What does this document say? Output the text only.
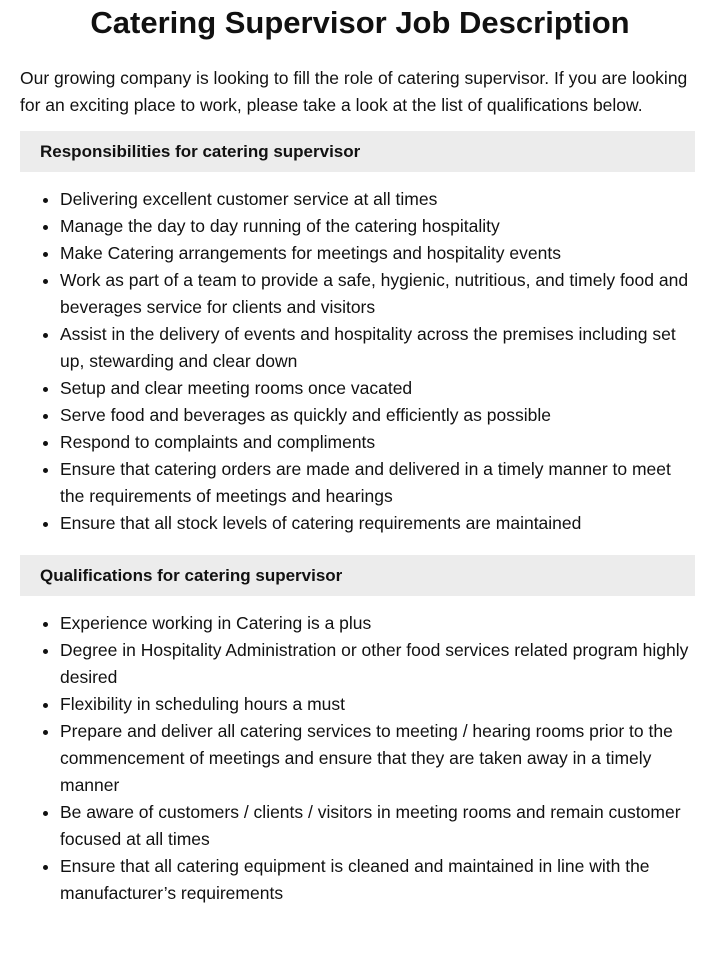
Catering Supervisor Job Description

Our growing company is looking to fill the role of catering supervisor. If you are looking for an exciting place to work, please take a look at the list of qualifications below.

Responsibilities for catering supervisor
• Delivering excellent customer service at all times
• Manage the day to day running of the catering hospitality
• Make Catering arrangements for meetings and hospitality events
• Work as part of a team to provide a safe, hygienic, nutritious, and timely food and beverages service for clients and visitors
• Assist in the delivery of events and hospitality across the premises including set up, stewarding and clear down
• Setup and clear meeting rooms once vacated
• Serve food and beverages as quickly and efficiently as possible
• Respond to complaints and compliments
• Ensure that catering orders are made and delivered in a timely manner to meet the requirements of meetings and hearings
• Ensure that all stock levels of catering requirements are maintained
Qualifications for catering supervisor
• Experience working in Catering is a plus
• Degree in Hospitality Administration or other food services related program highly desired
• Flexibility in scheduling hours a must
• Prepare and deliver all catering services to meeting / hearing rooms prior to the commencement of meetings and ensure that they are taken away in a timely manner
• Be aware of customers / clients / visitors in meeting rooms and remain customer focused at all times
• Ensure that all catering equipment is cleaned and maintained in line with the manufacturer’s requirements
